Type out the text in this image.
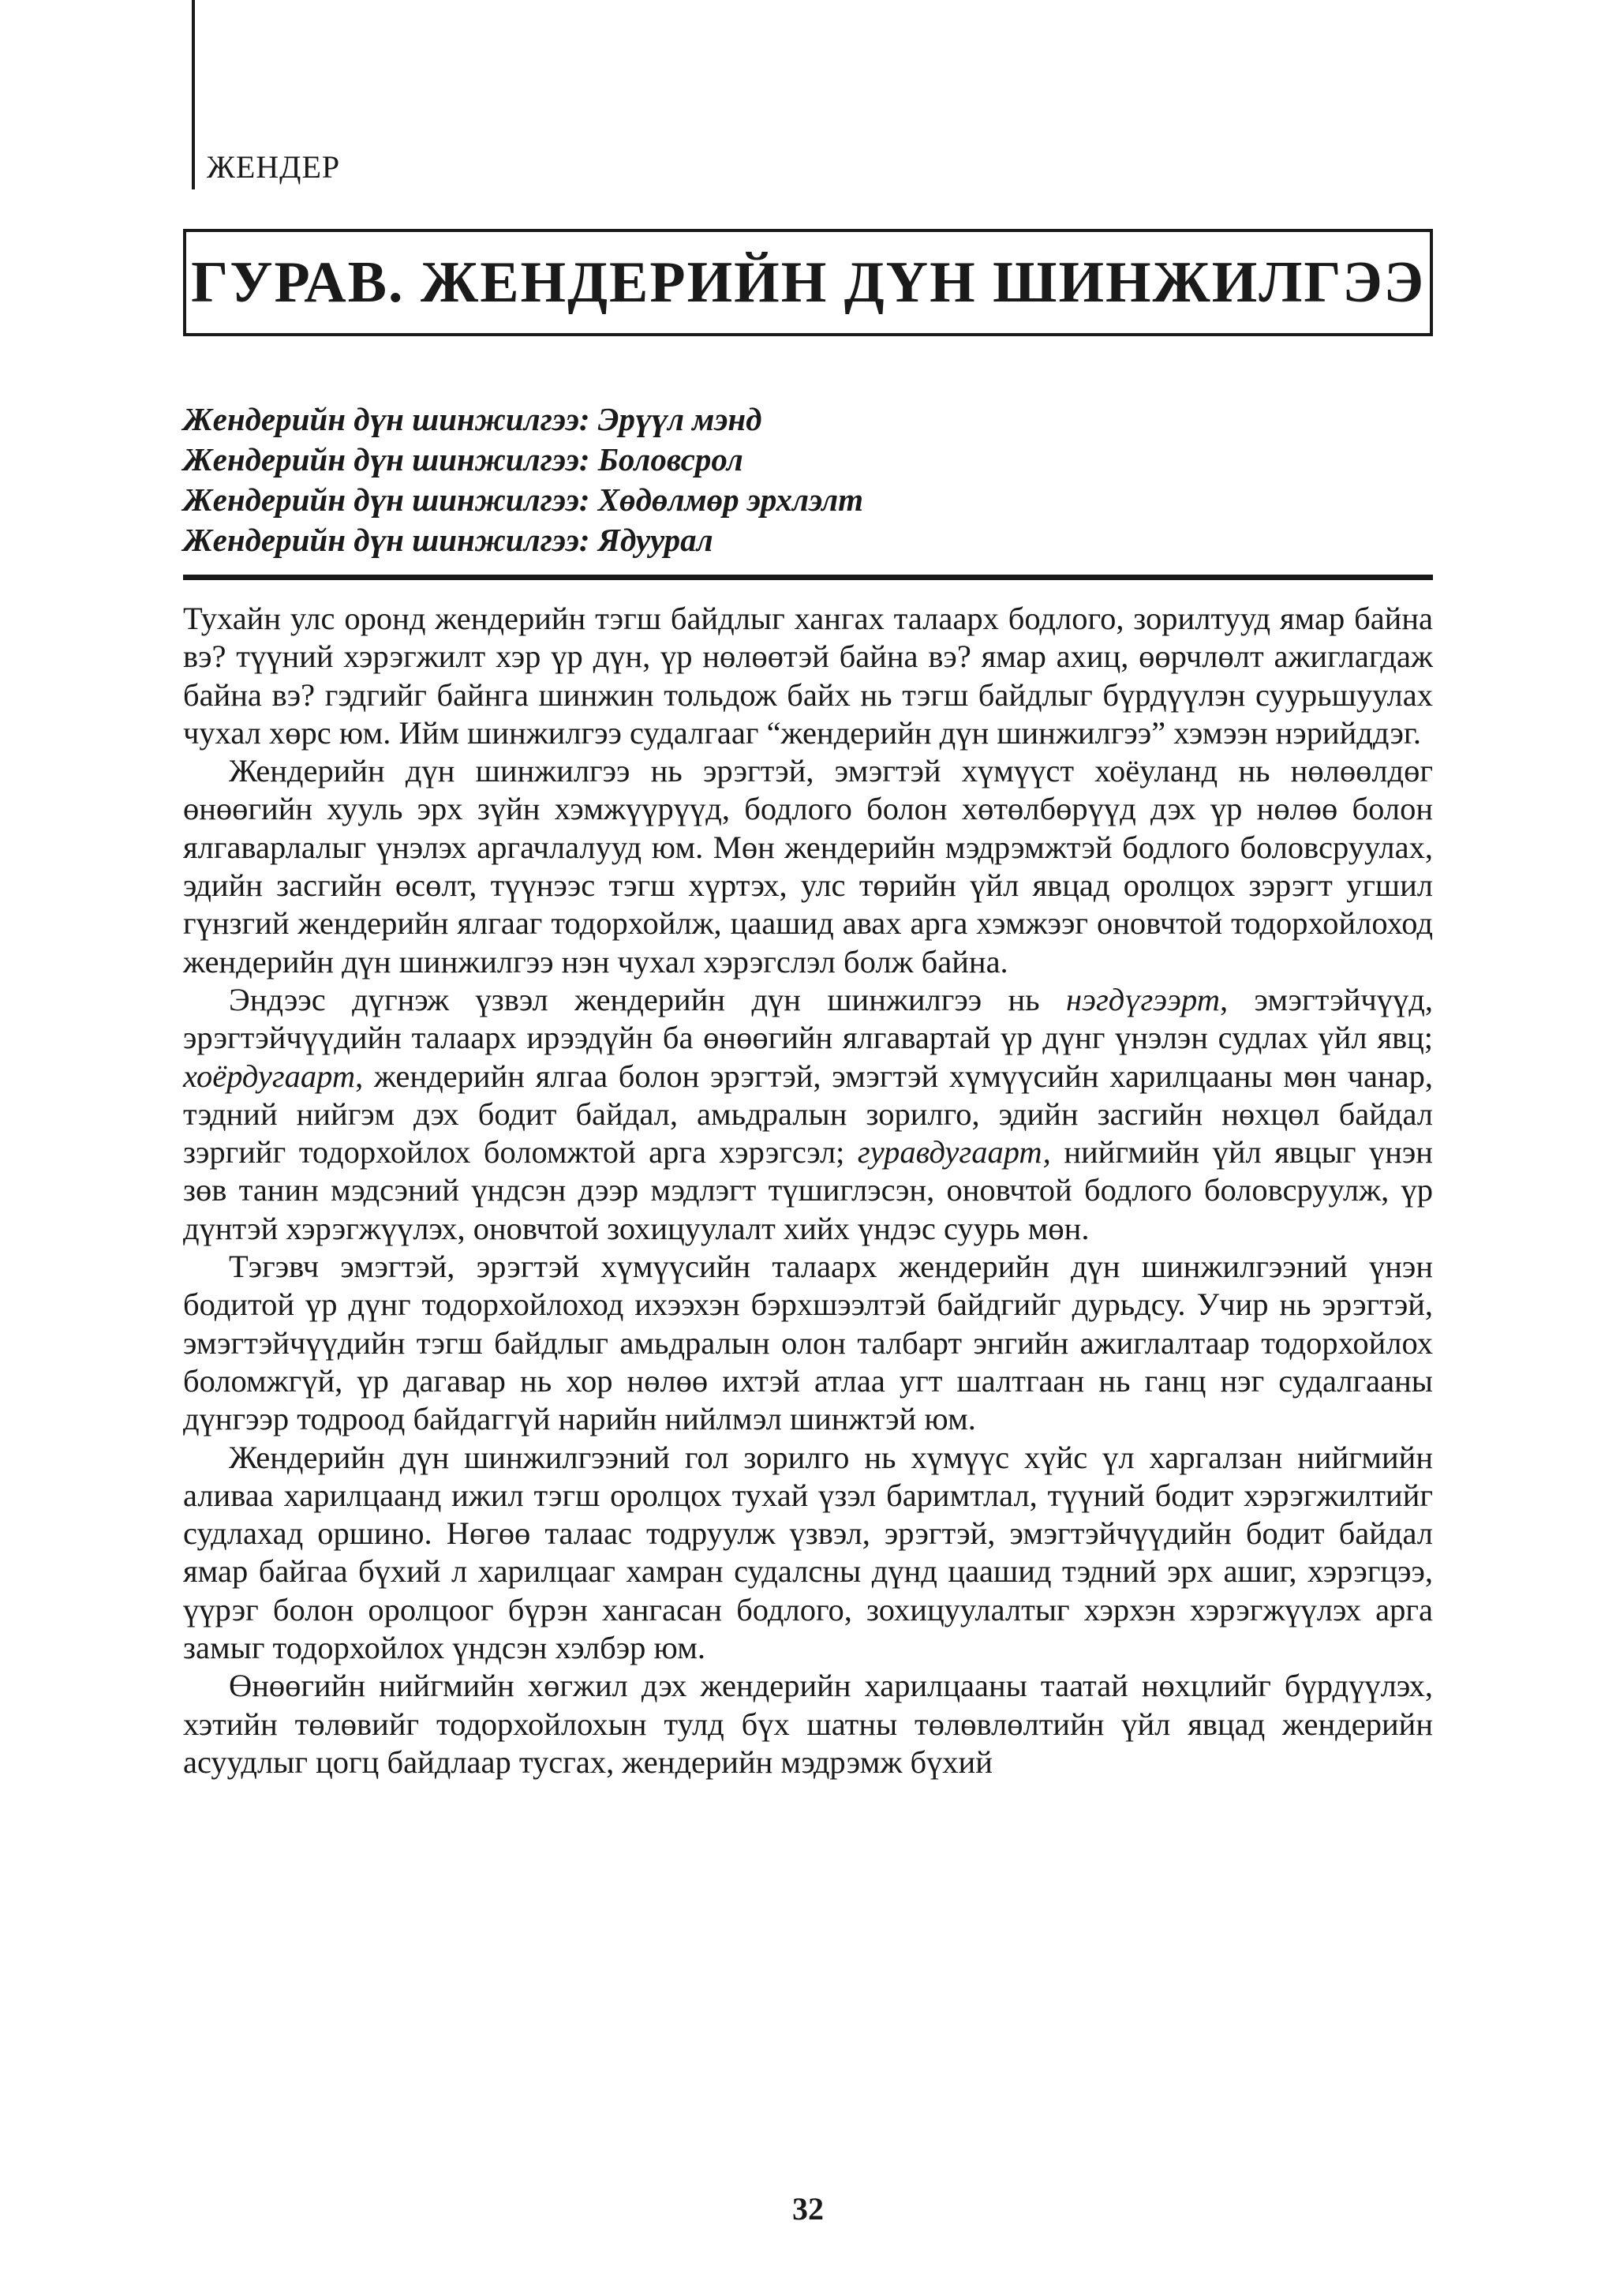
ЖЕНДЕР
ГУРАВ. ЖЕНДЕРИЙН ДҮН ШИНЖИЛГЭЭ
Жендерийн дүн шинжилгээ: Эрүүл мэнд
Жендерийн дүн шинжилгээ: Боловсрол
Жендерийн дүн шинжилгээ: Хөдөлмөр эрхлэлт
Жендерийн дүн шинжилгээ: Ядуурал

Тухайн улс оронд жендерийн тэгш байдлыг хангах талаарх бодлого, зорилтууд ямар байна вэ? түүний хэрэгжилт хэр үр дүн, үр нөлөөтэй байна вэ? ямар ахиц, өөрчлөлт ажиглагдаж байна вэ? гэдгийг байнга шинжин тольдож байх нь тэгш байдлыг бүрдүүлэн суурьшуулах чухал хөрс юм. Ийм шинжилгээ судалгааг “жендерийн дүн шинжилгээ” хэмээн нэрийддэг.

Жендерийн дүн шинжилгээ нь эрэгтэй, эмэгтэй хүмүүст хоёуланд нь нөлөөлдөг өнөөгийн хууль эрх зүйн хэмжүүрүүд, бодлого болон хөтөлбөрүүд дэх үр нөлөө болон ялгаварлалыг үнэлэх аргачлалууд юм. Мөн жендерийн мэдрэмжтэй бодлого боловсруулах, эдийн засгийн өсөлт, түүнээс тэгш хүртэх, улс төрийн үйл явцад оролцох зэрэгт угшил гүнзгий жендерийн ялгааг тодорхойлж, цаашид авах арга хэмжээг оновчтой тодорхойлоход жендерийн дүн шинжилгээ нэн чухал хэрэгслэл болж байна.

Эндээс дүгнэж үзвэл жендерийн дүн шинжилгээ нь нэгдүгээрт, эмэгтэйчүүд, эрэгтэйчүүдийн талаарх ирээдүйн ба өнөөгийн ялгавартай үр дүнг үнэлэн судлах үйл явц; хоёрдугаарт, жендерийн ялгаа болон эрэгтэй, эмэгтэй хүмүүсийн харилцааны мөн чанар, тэдний нийгэм дэх бодит байдал, амьдралын зорилго, эдийн засгийн нөхцөл байдал зэргийг тодорхойлох боломжтой арга хэрэгсэл; гуравдугаарт, нийгмийн үйл явцыг үнэн зөв танин мэдсэний үндсэн дээр мэдлэгт түшиглэсэн, оновчтой бодлого боловсруулж, үр дүнтэй хэрэгжүүлэх, оновчтой зохицуулалт хийх үндэс суурь мөн.

Тэгэвч эмэгтэй, эрэгтэй хүмүүсийн талаарх жендерийн дүн шинжилгээний үнэн бодитой үр дүнг тодорхойлоход ихээхэн бэрхшээлтэй байдгийг дурьдсу. Учир нь эрэгтэй, эмэгтэйчүүдийн тэгш байдлыг амьдралын олон талбарт энгийн ажиглалтаар тодорхойлох боломжгүй, үр дагавар нь хор нөлөө ихтэй атлаа угт шалтгаан нь ганц нэг судалгааны дүнгээр тодроод байдаггүй нарийн нийлмэл шинжтэй юм.

Жендерийн дүн шинжилгээний гол зорилго нь хүмүүс хүйс үл харгалзан нийгмийн аливаа харилцаанд ижил тэгш оролцох тухай үзэл баримтлал, түүний бодит хэрэгжилтийг судлахад оршино. Нөгөө талаас тодруулж үзвэл, эрэгтэй, эмэгтэйчүүдийн бодит байдал ямар байгаа бүхий л харилцааг хамран судалсны дүнд цаашид тэдний эрх ашиг, хэрэгцээ, үүрэг болон оролцоог бүрэн хангасан бодлого, зохицуулалтыг хэрхэн хэрэгжүүлэх арга замыг тодорхойлох үндсэн хэлбэр юм.

Өнөөгийн нийгмийн хөгжил дэх жендерийн харилцааны таатай нөхцлийг бүрдүүлэх, хэтийн төлөвийг тодорхойлохын тулд бүх шатны төлөвлөлтийн үйл явцад жендерийн асуудлыг цогц байдлаар тусгах, жендерийн мэдрэмж бүхий

32
